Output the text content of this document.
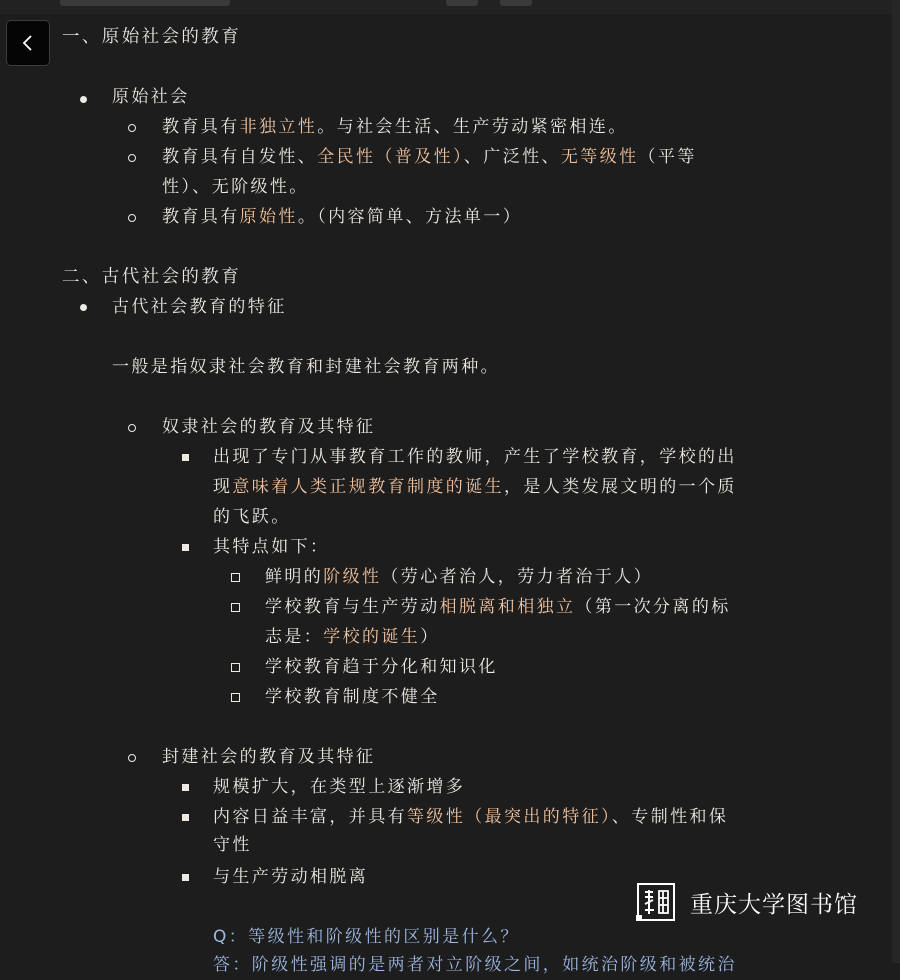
一、原始社会的教育
原始社会
教育具有非独立性。与社会生活、生产劳动紧密相连。
教育具有自发性、全民性（普及性）、广泛性、无等级性（平等
性）、无阶级性。
教育具有原始性。（内容简单、方法单一）
二、古代社会的教育
古代社会教育的特征
一般是指奴隶社会教育和封建社会教育两种。
奴隶社会的教育及其特征
出现了专门从事教育工作的教师，产生了学校教育，学校的出
现意味着人类正规教育制度的诞生，是人类发展文明的一个质
的飞跃。
其特点如下：
鲜明的阶级性（劳心者治人，劳力者治于人）
学校教育与生产劳动相脱离和相独立（第一次分离的标
志是：学校的诞生）
学校教育趋于分化和知识化
学校教育制度不健全
封建社会的教育及其特征
规模扩大，在类型上逐渐增多
内容日益丰富，并具有等级性（最突出的特征）、专制性和保
守性
与生产劳动相脱离
Q：等级性和阶级性的区别是什么？
答：阶级性强调的是两者对立阶级之间，如统治阶级和被统治
重庆大学图书馆
